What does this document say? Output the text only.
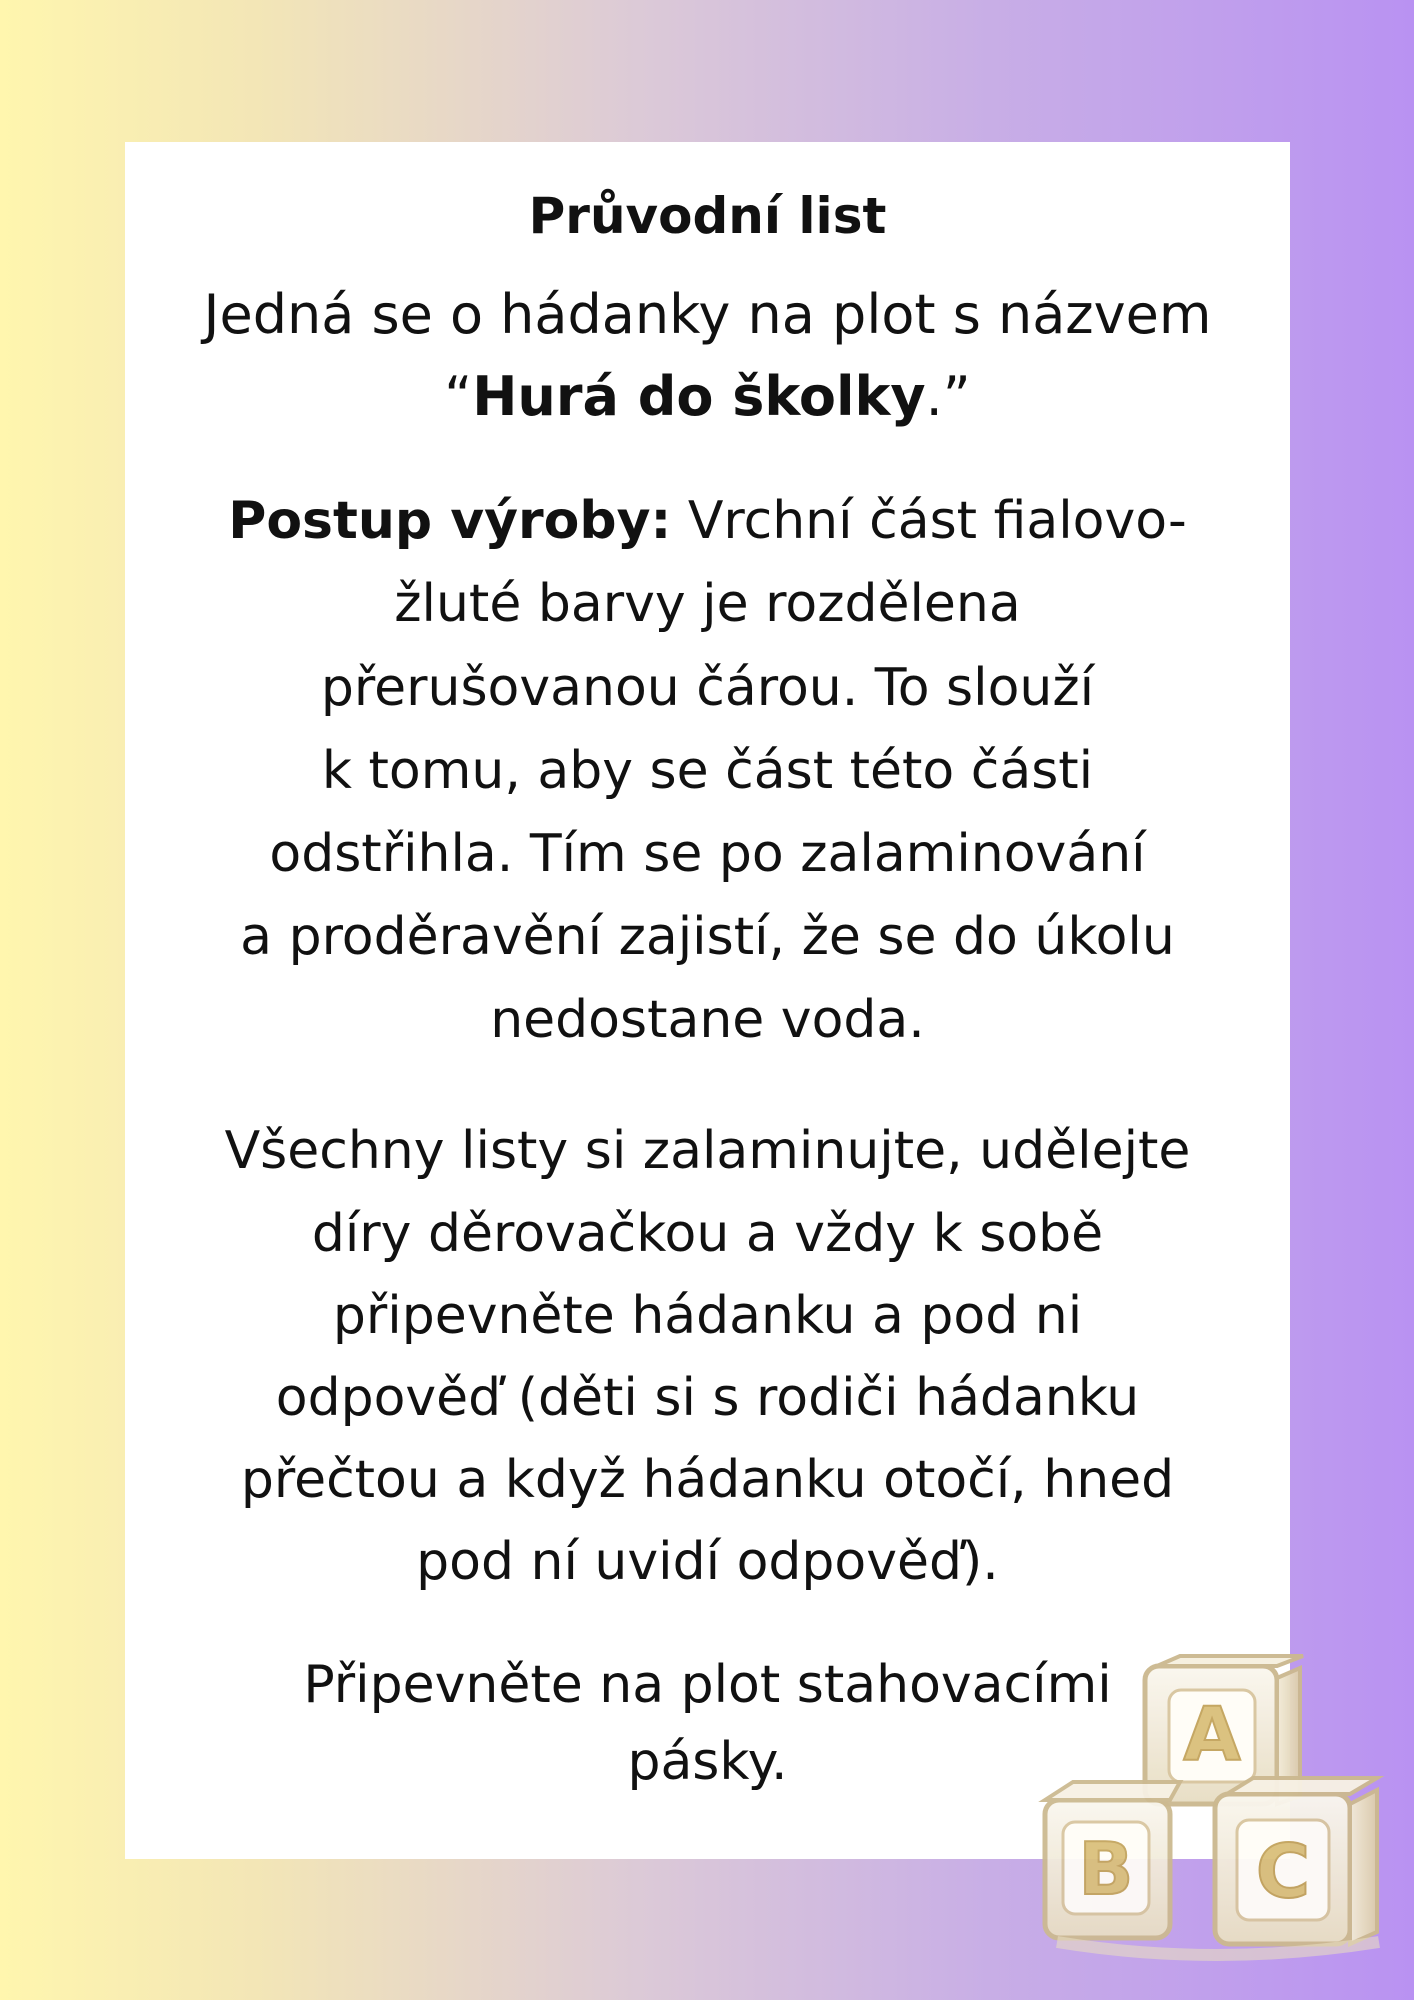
Průvodní list

Jedná se o hádanky na plot s názvem
“Hurá do školky.”

Postup výroby: Vrchní část fialovo-
žluté barvy je rozdělena
přerušovanou čárou. To slouží
k tomu, aby se část této části
odstřihla. Tím se po zalaminování
a proděravění zajistí, že se do úkolu
nedostane voda.

Všechny listy si zalaminujte, udělejte
díry děrovačkou a vždy k sobě
připevněte hádanku a pod ni
odpověď (děti si s rodiči hádanku
přečtou a když hádanku otočí, hned
pod ní uvidí odpověď).

Připevněte na plot stahovacími
pásky.	A
B C
